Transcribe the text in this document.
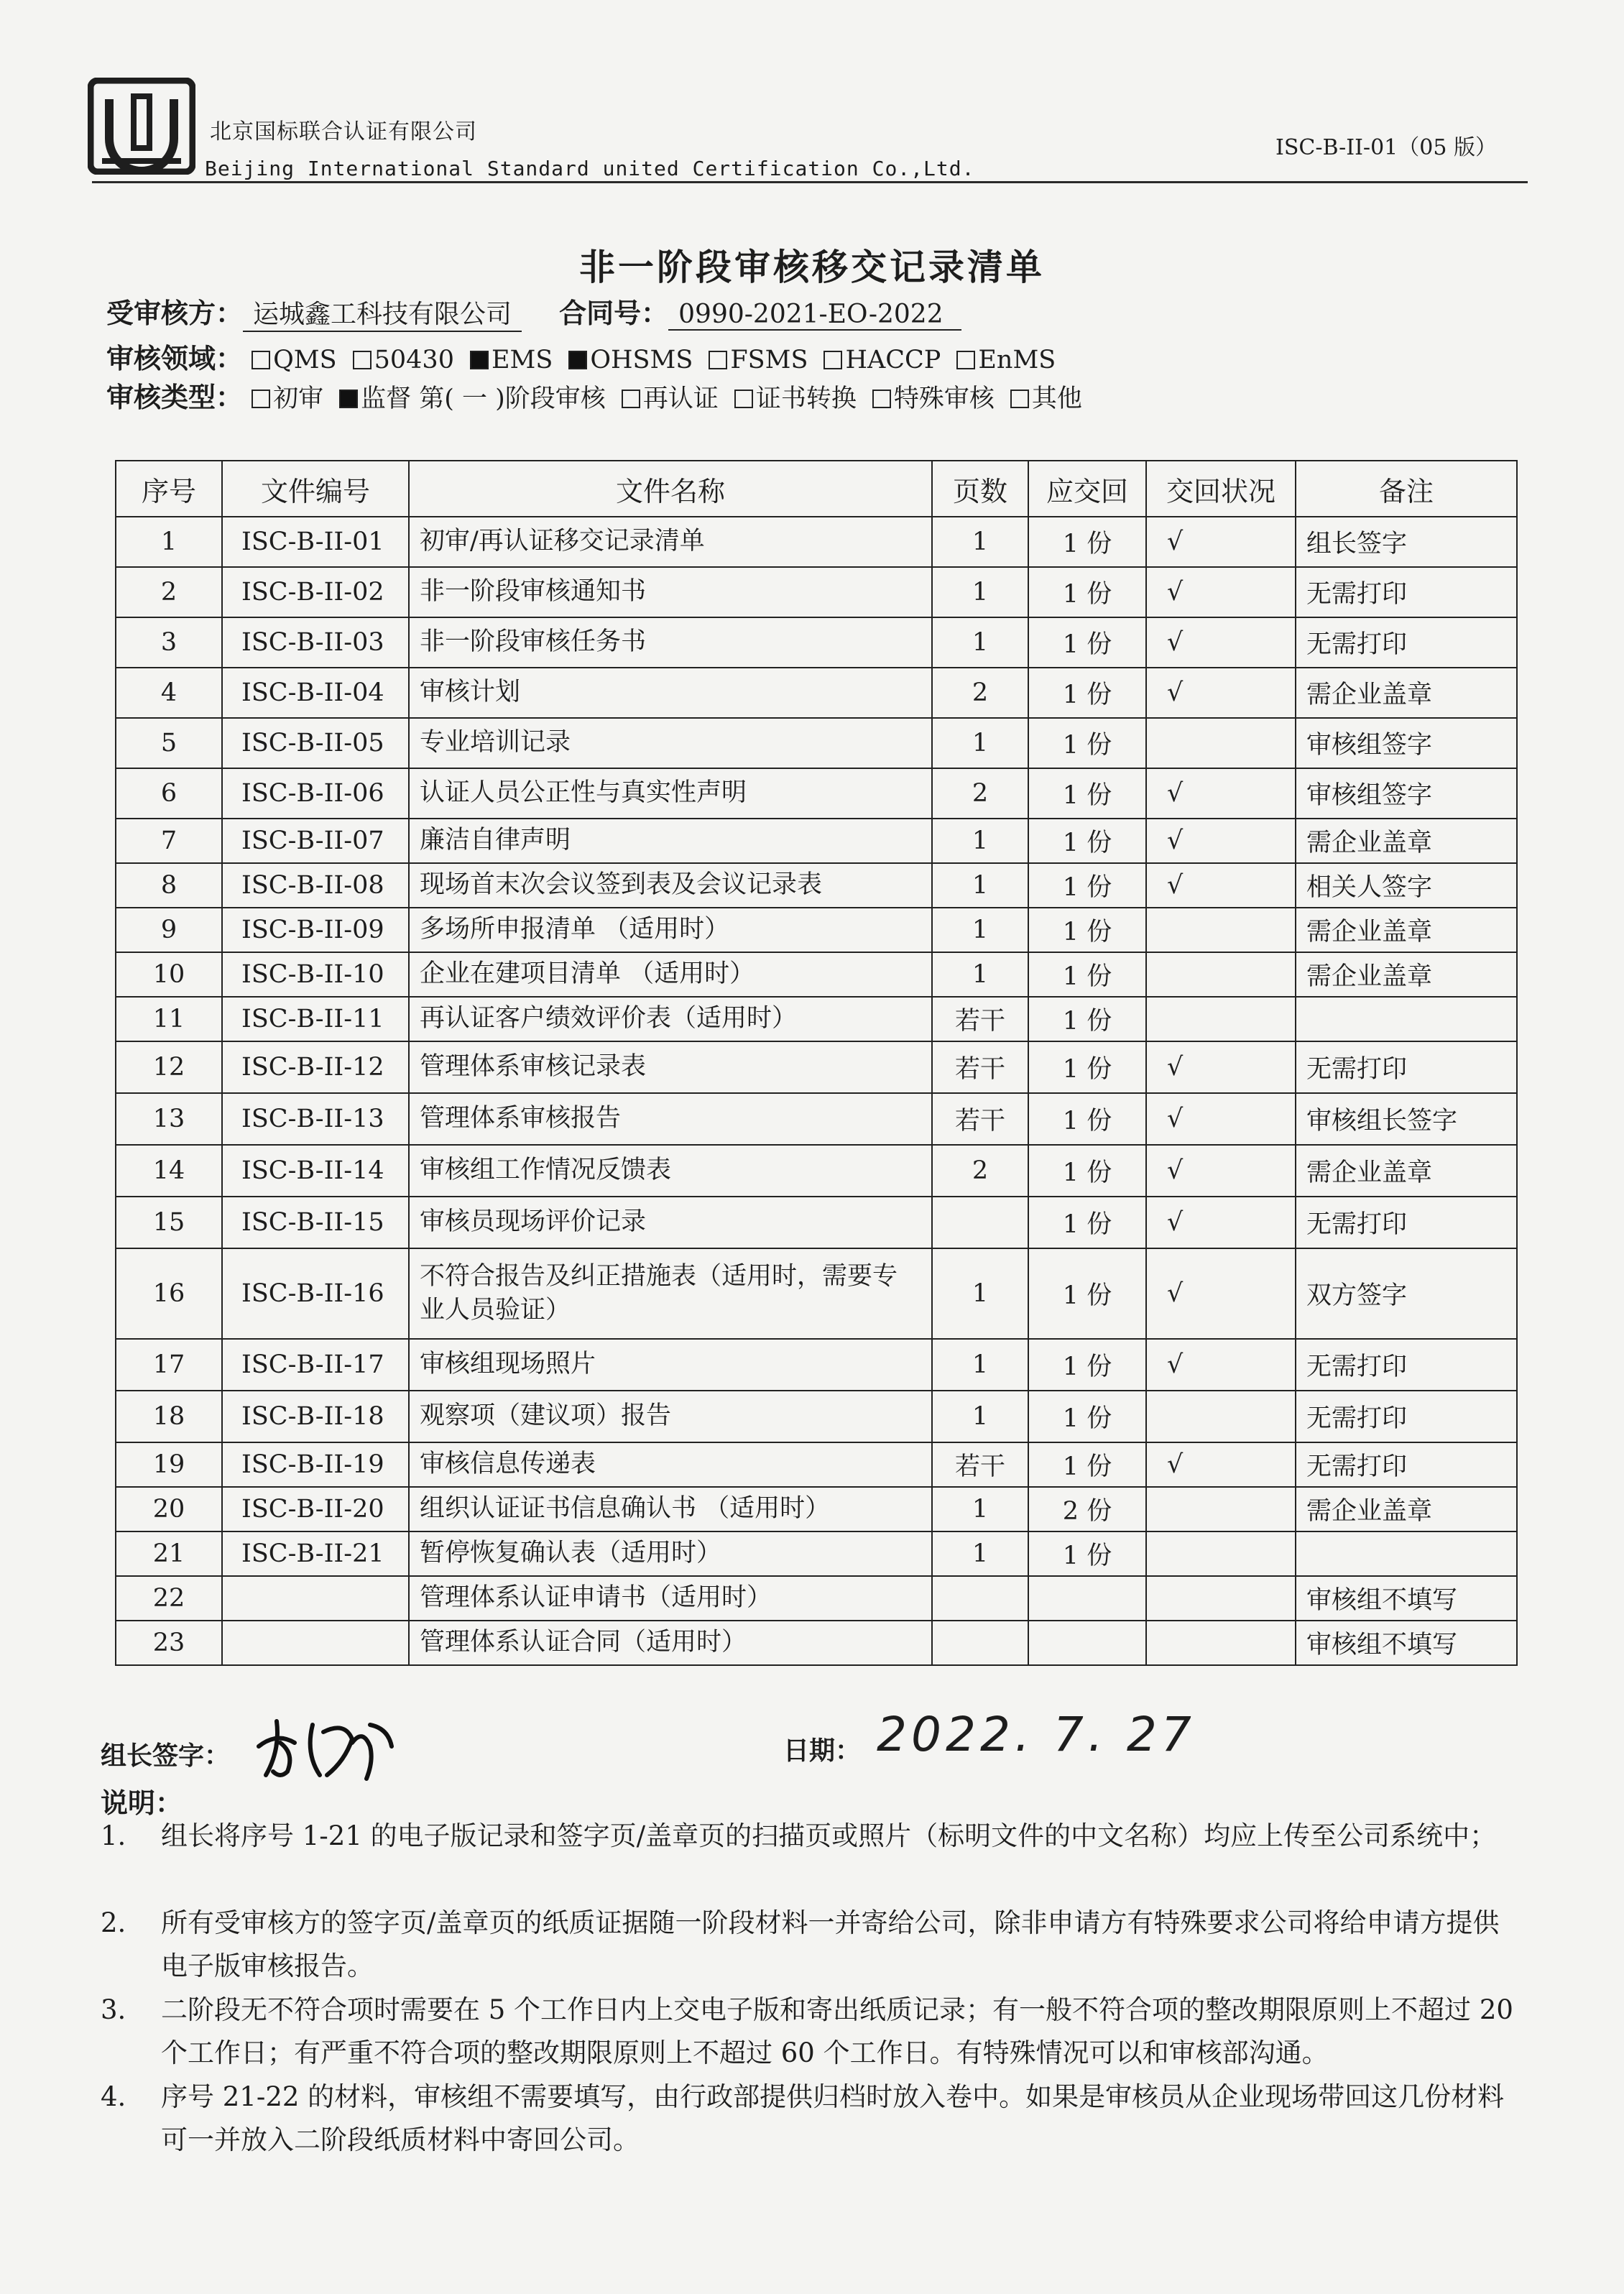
北京国标联合认证有限公司
Beijing International Standard united Certification Co.,Ltd.
ISC-B-II-01（05 版）
非一阶段审核移交记录清单
受审核方： 运城鑫工科技有限公司 合同号： 0990-2021-EO-2022
审核领域： QMS 50430 EMS OHSMS FSMS HACCP EnMS
审核类型： 初审 监督 第( 一 )阶段审核 再认证 证书转换 特殊审核 其他
序号	文件编号	文件名称	页数	应交回	交回状况	备注
1	ISC-B-II-01	初审/再认证移交记录清单	1	1 份	√	组长签字
2	ISC-B-II-02	非一阶段审核通知书	1	1 份	√	无需打印
3	ISC-B-II-03	非一阶段审核任务书	1	1 份	√	无需打印
4	ISC-B-II-04	审核计划	2	1 份	√	需企业盖章
5	ISC-B-II-05	专业培训记录	1	1 份		审核组签字
6	ISC-B-II-06	认证人员公正性与真实性声明	2	1 份	√	审核组签字
7	ISC-B-II-07	廉洁自律声明	1	1 份	√	需企业盖章
8	ISC-B-II-08	现场首末次会议签到表及会议记录表	1	1 份	√	相关人签字
9	ISC-B-II-09	多场所申报清单 （适用时）	1	1 份		需企业盖章
10	ISC-B-II-10	企业在建项目清单 （适用时）	1	1 份		需企业盖章
11	ISC-B-II-11	再认证客户绩效评价表（适用时）	若干	1 份		
12	ISC-B-II-12	管理体系审核记录表	若干	1 份	√	无需打印
13	ISC-B-II-13	管理体系审核报告	若干	1 份	√	审核组长签字
14	ISC-B-II-14	审核组工作情况反馈表	2	1 份	√	需企业盖章
15	ISC-B-II-15	审核员现场评价记录		1 份	√	无需打印
16	ISC-B-II-16	不符合报告及纠正措施表（适用时，需要专业人员验证）	1	1 份	√	双方签字
17	ISC-B-II-17	审核组现场照片	1	1 份	√	无需打印
18	ISC-B-II-18	观察项（建议项）报告	1	1 份		无需打印
19	ISC-B-II-19	审核信息传递表	若干	1 份	√	无需打印
20	ISC-B-II-20	组织认证证书信息确认书 （适用时）	1	2 份		需企业盖章
21	ISC-B-II-21	暂停恢复确认表（适用时）	1	1 份		
22		管理体系认证申请书（适用时）				审核组不填写
23		管理体系认证合同（适用时）				审核组不填写
组长签字：	日期： 2022. 7. 27
说明：
1. 组长将序号 1-21 的电子版记录和签字页/盖章页的扫描页或照片（标明文件的中文名称）均应上传至公司系统中；
2. 所有受审核方的签字页/盖章页的纸质证据随一阶段材料一并寄给公司，除非申请方有特殊要求公司将给申请方提供电子版审核报告。
3. 二阶段无不符合项时需要在 5 个工作日内上交电子版和寄出纸质记录；有一般不符合项的整改期限原则上不超过 20 个工作日；有严重不符合项的整改期限原则上不超过 60 个工作日。有特殊情况可以和审核部沟通。
4. 序号 21-22 的材料，审核组不需要填写，由行政部提供归档时放入卷中。如果是审核员从企业现场带回这几份材料可一并放入二阶段纸质材料中寄回公司。
